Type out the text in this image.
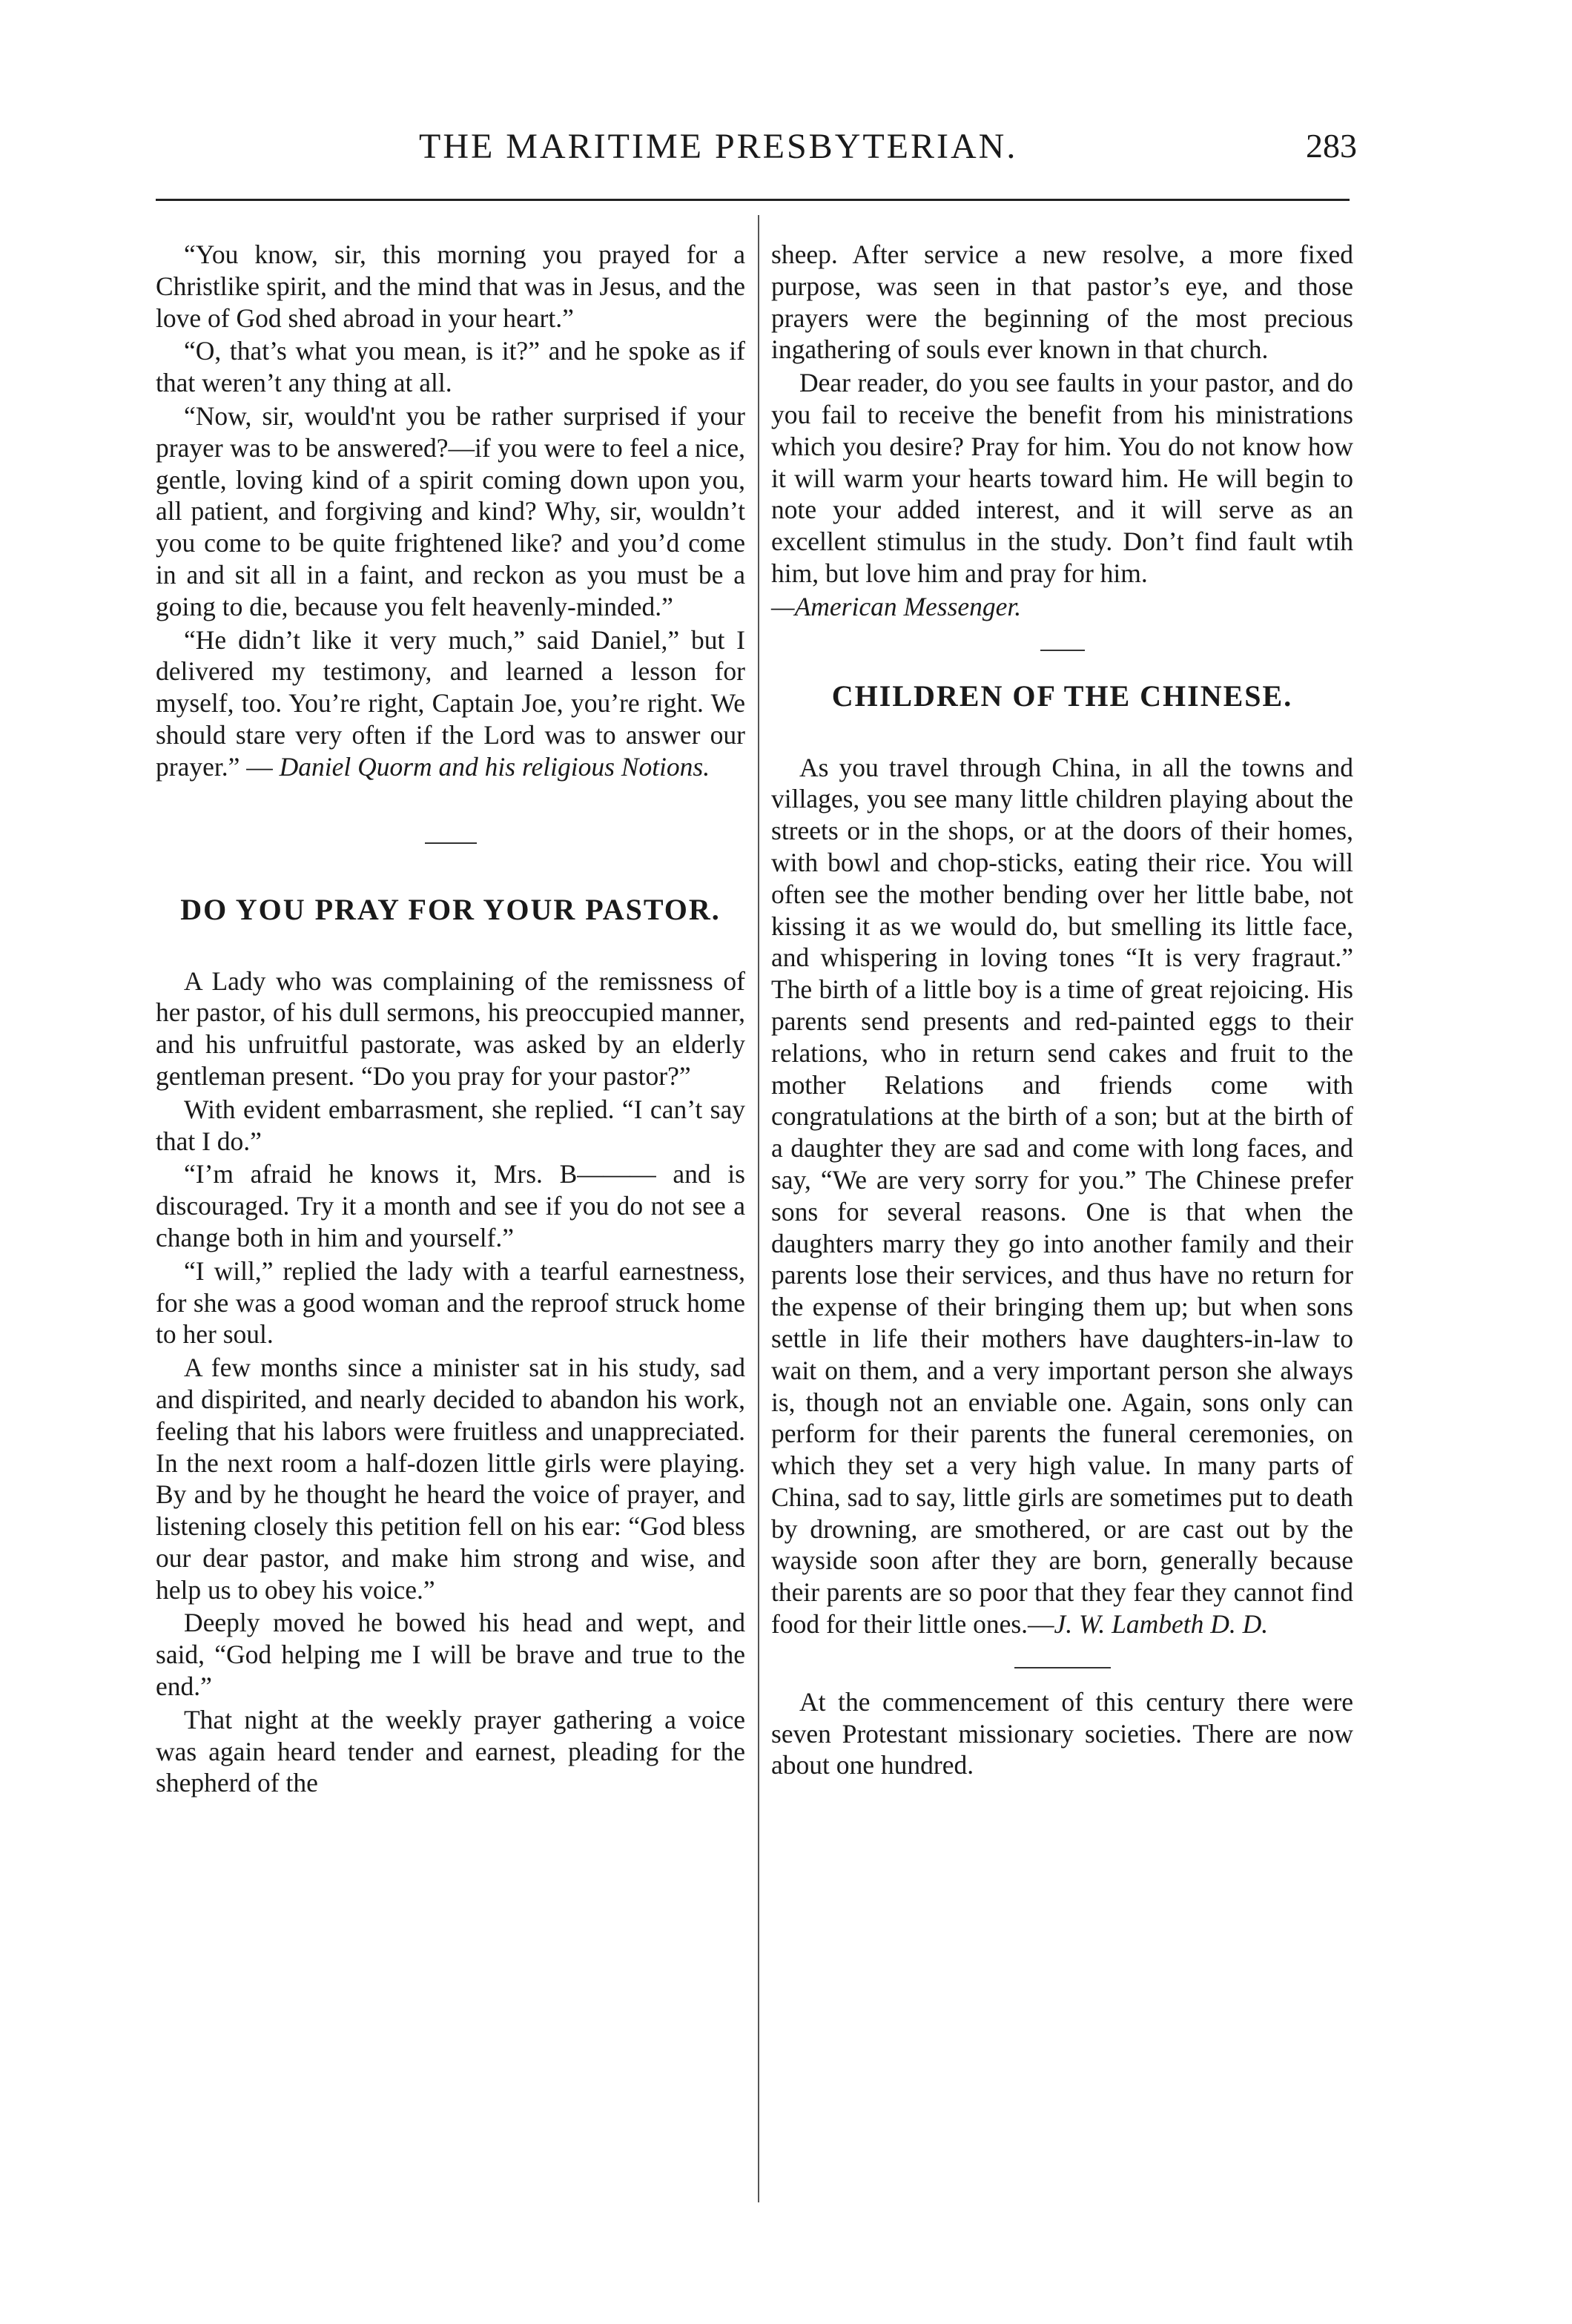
THE MARITIME PRESBYTERIAN.	283

“You know, sir, this morning you prayed for a Christlike spirit, and the mind that was in Jesus, and the love of God shed abroad in your heart.”

“O, that’s what you mean, is it?” and he spoke as if that weren’t any thing at all.

“Now, sir, would'nt you be rather surprised if your prayer was to be answered?—if you were to feel a nice, gentle, loving kind of a spirit coming down upon you, all patient, and forgiving and kind? Why, sir, wouldn’t you come to be quite frightened like? and you’d come in and sit all in a faint, and reckon as you must be a going to die, because you felt heavenly-minded.”

“He didn’t like it very much,” said Daniel,” but I delivered my testimony, and learned a lesson for myself, too. You’re right, Captain Joe, you’re right. We should stare very often if the Lord was to answer our prayer.” — Daniel Quorm and his religious Notions.

DO YOU PRAY FOR YOUR PASTOR.

A Lady who was complaining of the remissness of her pastor, of his dull sermons, his preoccupied manner, and his unfruitful pastorate, was asked by an elderly gentleman present. “Do you pray for your pastor?”

With evident embarrasment, she replied. “I can’t say that I do.”

“I’m afraid he knows it, Mrs. B——— and is discouraged. Try it a month and see if you do not see a change both in him and yourself.”

“I will,” replied the lady with a tearful earnestness, for she was a good woman and the reproof struck home to her soul.

A few months since a minister sat in his study, sad and dispirited, and nearly decided to abandon his work, feeling that his labors were fruitless and unappreciated. In the next room a half-dozen little girls were playing. By and by he thought he heard the voice of prayer, and listening closely this petition fell on his ear: “God bless our dear pastor, and make him strong and wise, and help us to obey his voice.”

Deeply moved he bowed his head and wept, and said, “God helping me I will be brave and true to the end.”

That night at the weekly prayer gathering a voice was again heard tender and earnest, pleading for the shepherd of the

sheep. After service a new resolve, a more fixed purpose, was seen in that pastor’s eye, and those prayers were the beginning of the most precious ingathering of souls ever known in that church.

Dear reader, do you see faults in your pastor, and do you fail to receive the benefit from his ministrations which you desire? Pray for him. You do not know how it will warm your hearts toward him. He will begin to note your added interest, and it will serve as an excellent stimulus in the study. Don’t find fault wtih him, but love him and pray for him.

—American Messenger.

CHILDREN OF THE CHINESE.

As you travel through China, in all the towns and villages, you see many little children playing about the streets or in the shops, or at the doors of their homes, with bowl and chop-sticks, eating their rice. You will often see the mother bending over her little babe, not kissing it as we would do, but smelling its little face, and whispering in loving tones “It is very fragraut.” The birth of a little boy is a time of great rejoicing. His parents send presents and red-painted eggs to their relations, who in return send cakes and fruit to the mother Relations and friends come with congratulations at the birth of a son; but at the birth of a daughter they are sad and come with long faces, and say, “We are very sorry for you.” The Chinese prefer sons for several reasons. One is that when the daughters marry they go into another family and their parents lose their services, and thus have no return for the expense of their bringing them up; but when sons settle in life their mothers have daughters-in-law to wait on them, and a very important person she always is, though not an enviable one. Again, sons only can perform for their parents the funeral ceremonies, on which they set a very high value. In many parts of China, sad to say, little girls are sometimes put to death by drowning, are smothered, or are cast out by the wayside soon after they are born, generally because their parents are so poor that they fear they cannot find food for their little ones.—J. W. Lambeth D. D.

At the commencement of this century there were seven Protestant missionary societies. There are now about one hundred.
